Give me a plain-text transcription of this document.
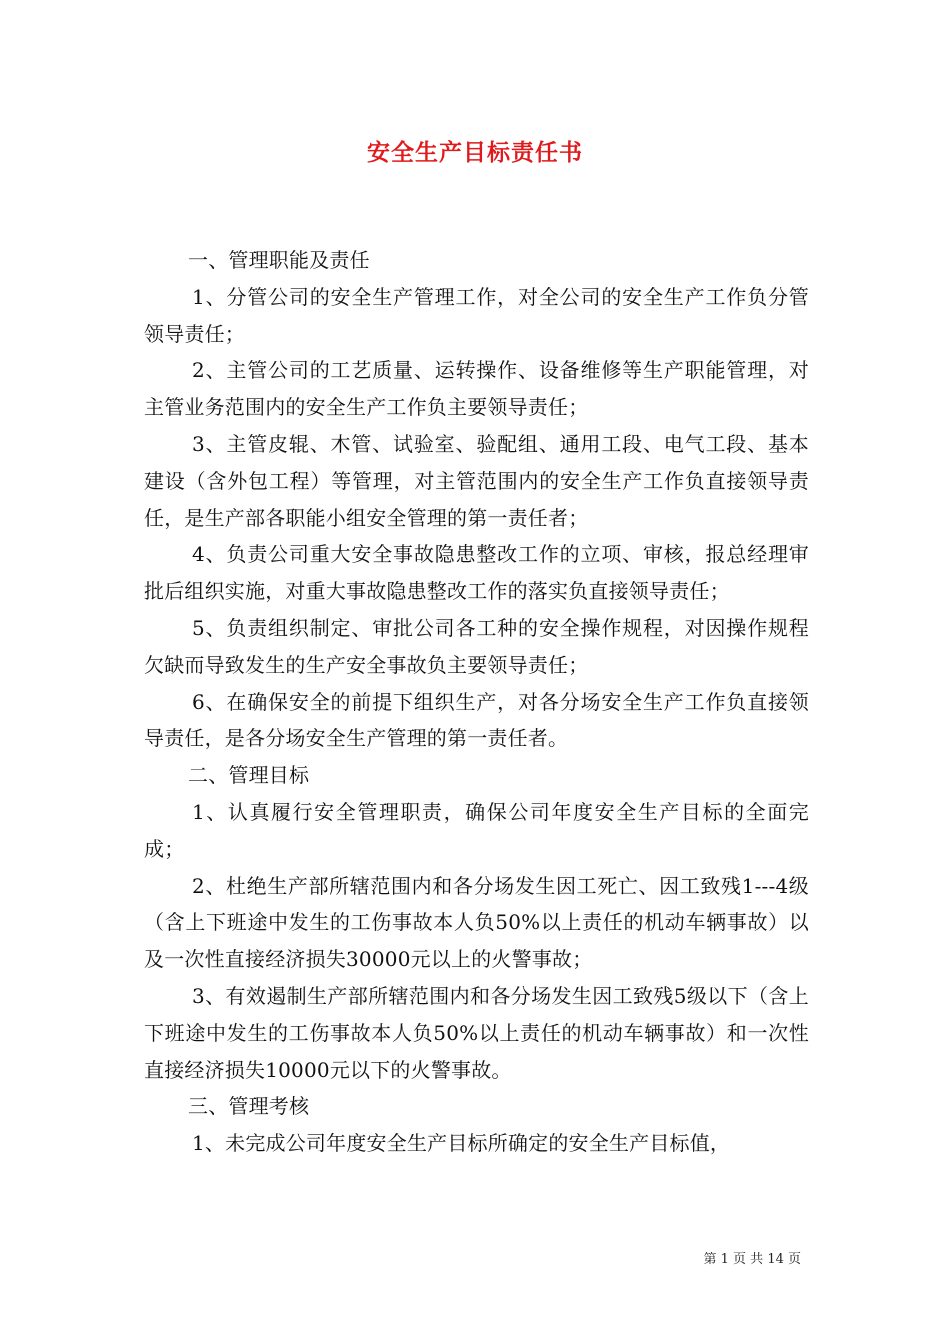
安全生产目标责任书

一、管理职能及责任

1、分管公司的安全生产管理工作，对全公司的安全生产工作负分管领导责任；

2、主管公司的工艺质量、运转操作、设备维修等生产职能管理，对主管业务范围内的安全生产工作负主要领导责任；

3、主管皮辊、木管、试验室、验配组、通用工段、电气工段、基本建设（含外包工程）等管理，对主管范围内的安全生产工作负直接领导责任，是生产部各职能小组安全管理的第一责任者；

4、负责公司重大安全事故隐患整改工作的立项、审核，报总经理审批后组织实施，对重大事故隐患整改工作的落实负直接领导责任；

5、负责组织制定、审批公司各工种的安全操作规程，对因操作规程欠缺而导致发生的生产安全事故负主要领导责任；

6、在确保安全的前提下组织生产，对各分场安全生产工作负直接领导责任，是各分场安全生产管理的第一责任者。

二、管理目标

1、认真履行安全管理职责，确保公司年度安全生产目标的全面完成；

2、杜绝生产部所辖范围内和各分场发生因工死亡、因工致残1---4级（含上下班途中发生的工伤事故本人负50%以上责任的机动车辆事故）以及一次性直接经济损失30000元以上的火警事故；

3、有效遏制生产部所辖范围内和各分场发生因工致残5级以下（含上下班途中发生的工伤事故本人负50%以上责任的机动车辆事故）和一次性直接经济损失10000元以下的火警事故。

三、管理考核

1、未完成公司年度安全生产目标所确定的安全生产目标值，

第 1 页 共 14 页
